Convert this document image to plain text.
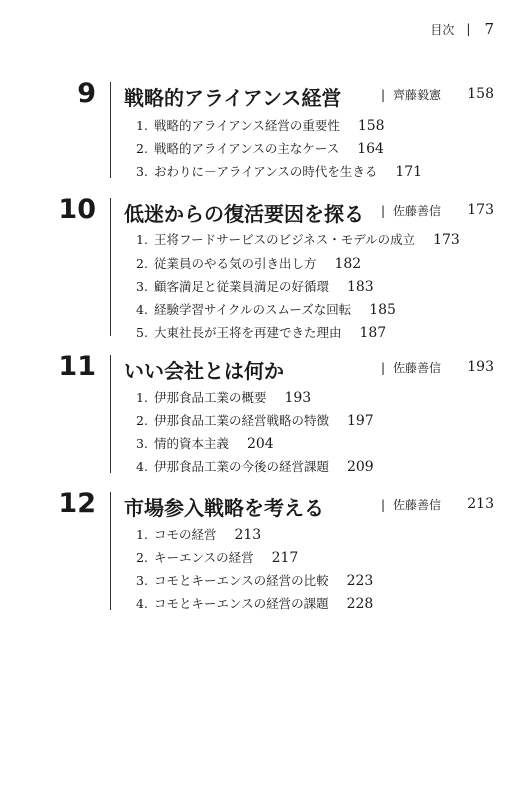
目次 | 7
9 戦略的アライアンス経営	| 齊藤毅憲 158
1. 戦略的アライアンス経営の重要性 158
2. 戦略的アライアンスの主なケース 164
3. おわりに－アライアンスの時代を生きる 171
10 低迷からの復活要因を探る | 佐藤善信 173
1. 王将フードサービスのビジネス・モデルの成立 173
2. 従業員のやる気の引き出し方 182
3. 顧客満足と従業員満足の好循環 183
4. 経験学習サイクルのスムーズな回転 185
5. 大東社長が王将を再建できた理由 187
11 いい会社とは何か	| 佐藤善信 193
1. 伊那食品工業の概要 193
2. 伊那食品工業の経営戦略の特徴 197
3. 情的資本主義 204
4. 伊那食品工業の今後の経営課題 209
12 市場参入戦略を考える	| 佐藤善信 213
1. コモの経営 213
2. キーエンスの経営 217
3. コモとキーエンスの経営の比較 223
4. コモとキーエンスの経営の課題 228
